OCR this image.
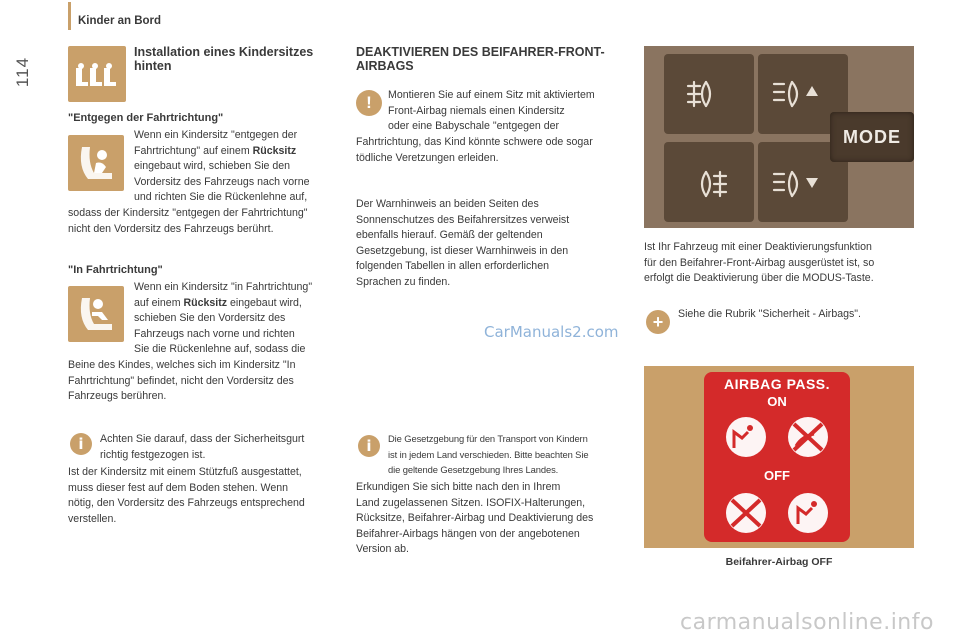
Kinder an Bord
114
Installation eines Kindersitzes
hinten
"Entgegen der Fahrtrichtung"
Wenn ein Kindersitz "entgegen der
Fahrtrichtung" auf einem Rücksitz
eingebaut wird, schieben Sie den
Vordersitz des Fahrzeugs nach vorne
und richten Sie die Rückenlehne auf,
sodass der Kindersitz "entgegen der Fahrtrichtung"
nicht den Vordersitz des Fahrzeugs berührt.
"In Fahrtrichtung"
Wenn ein Kindersitz "in Fahrtrichtung"
auf einem Rücksitz eingebaut wird,
schieben Sie den Vordersitz des
Fahrzeugs nach vorne und richten
Sie die Rückenlehne auf, sodass die
Beine des Kindes, welches sich im Kindersitz "In
Fahrtrichtung" befindet, nicht den Vordersitz des
Fahrzeugs berühren.
i	Achten Sie darauf, dass der Sicherheitsgurt
richtig festgezogen ist.
Ist der Kindersitz mit einem Stützfuß ausgestattet,
muss dieser fest auf dem Boden stehen. Wenn
nötig, den Vordersitz des Fahrzeugs entsprechend
verstellen.
DEAKTIVIEREN DES BEIFAHRER-FRONT-
AIRBAGS
!	Montieren Sie auf einem Sitz mit aktiviertem
Front-Airbag niemals einen Kindersitz
oder eine Babyschale "entgegen der
Fahrtrichtung, das Kind könnte schwere ode sogar
tödliche Veretzungen erleiden.
Der Warnhinweis an beiden Seiten des
Sonnenschutzes des Beifahrersitzes verweist
ebenfalls hierauf. Gemäß der geltenden
Gesetzgebung, ist dieser Warnhinweis in den
folgenden Tabellen in allen erforderlichen
Sprachen zu finden.
CarManuals2.com
i	Die Gesetzgebung für den Transport von Kindern
ist in jedem Land verschieden. Bitte beachten Sie
die geltende Gesetzgebung Ihres Landes.
Erkundigen Sie sich bitte nach den in Ihrem
Land zugelassenen Sitzen. ISOFIX-Halterungen,
Rücksitze, Beifahrer-Airbag und Deaktivierung des
Beifahrer-Airbags hängen von der angebotenen
Version ab.
MODE
Ist Ihr Fahrzeug mit einer Deaktivierungsfunktion
für den Beifahrer-Front-Airbag ausgerüstet ist, so
erfolgt die Deaktivierung über die MODUS-Taste.
+	Siehe die Rubrik "Sicherheit - Airbags".
AIRBAG PASS.
ON
OFF
Beifahrer-Airbag OFF
carmanualsonline.info
